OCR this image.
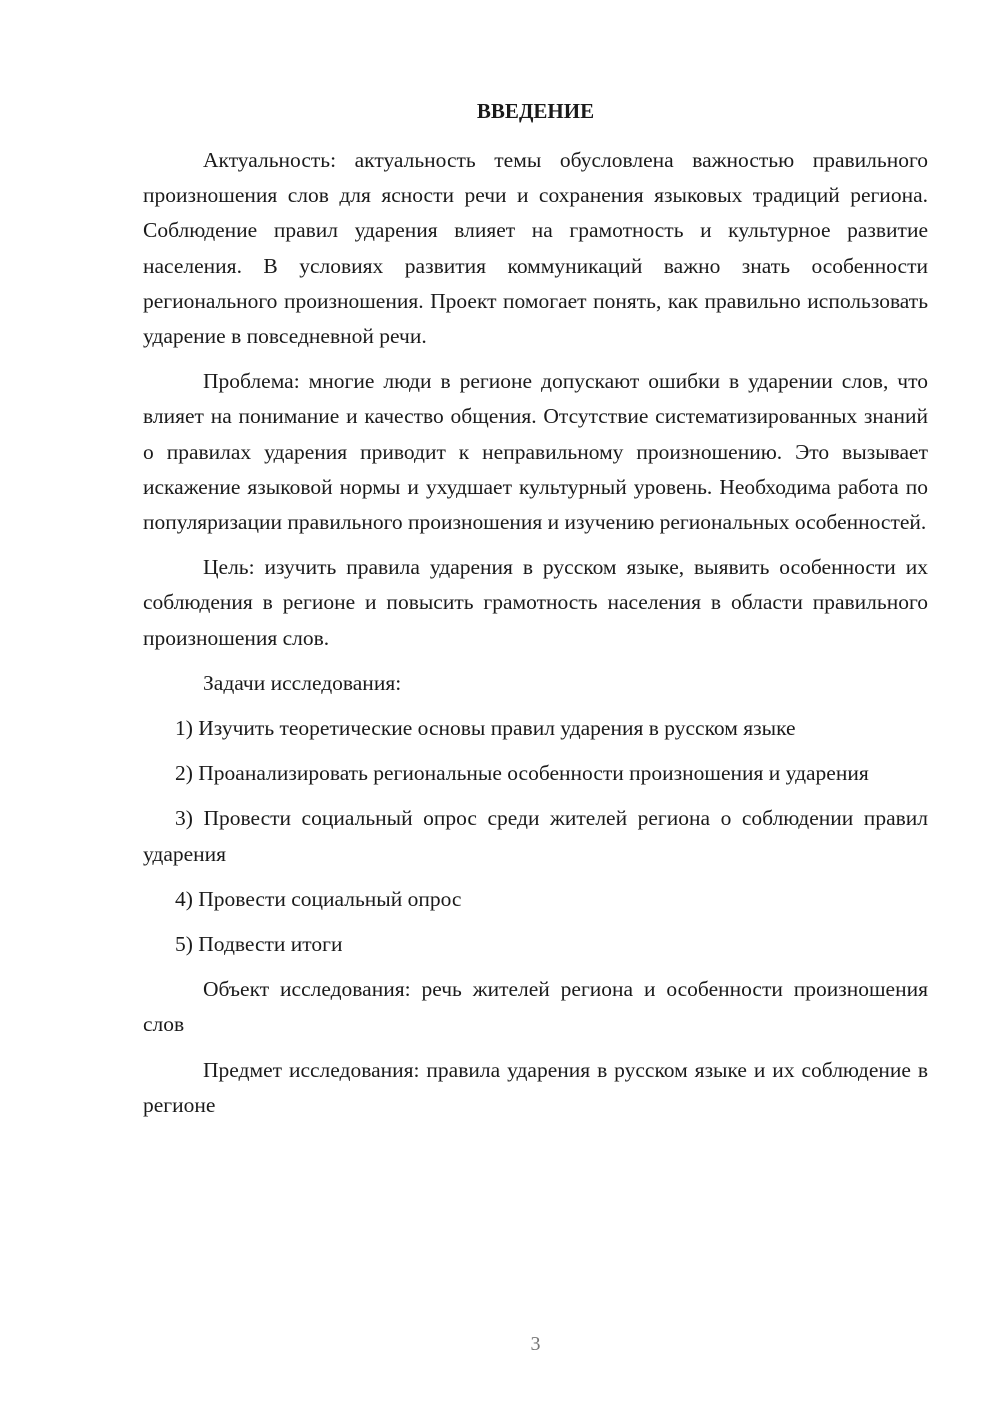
ВВЕДЕНИЕ

Актуальность: актуальность темы обусловлена важностью правильного произношения слов для ясности речи и сохранения языковых традиций региона. Соблюдение правил ударения влияет на грамотность и культурное развитие населения. В условиях развития коммуникаций важно знать особенности регионального произношения. Проект помогает понять, как правильно использовать ударение в повседневной речи.

Проблема: многие люди в регионе допускают ошибки в ударении слов, что влияет на понимание и качество общения. Отсутствие систематизированных знаний о правилах ударения приводит к неправильному произношению. Это вызывает искажение языковой нормы и ухудшает культурный уровень. Необходима работа по популяризации правильного произношения и изучению региональных особенностей.

Цель: изучить правила ударения в русском языке, выявить особенности их соблюдения в регионе и повысить грамотность населения в области правильного произношения слов.

Задачи исследования:

1) Изучить теоретические основы правил ударения в русском языке

2) Проанализировать региональные особенности произношения и ударения

3) Провести социальный опрос среди жителей региона о соблюдении правил ударения

4) Провести социальный опрос

5) Подвести итоги

Объект исследования: речь жителей региона и особенности произношения слов

Предмет исследования: правила ударения в русском языке и их соблюдение в регионе

3
